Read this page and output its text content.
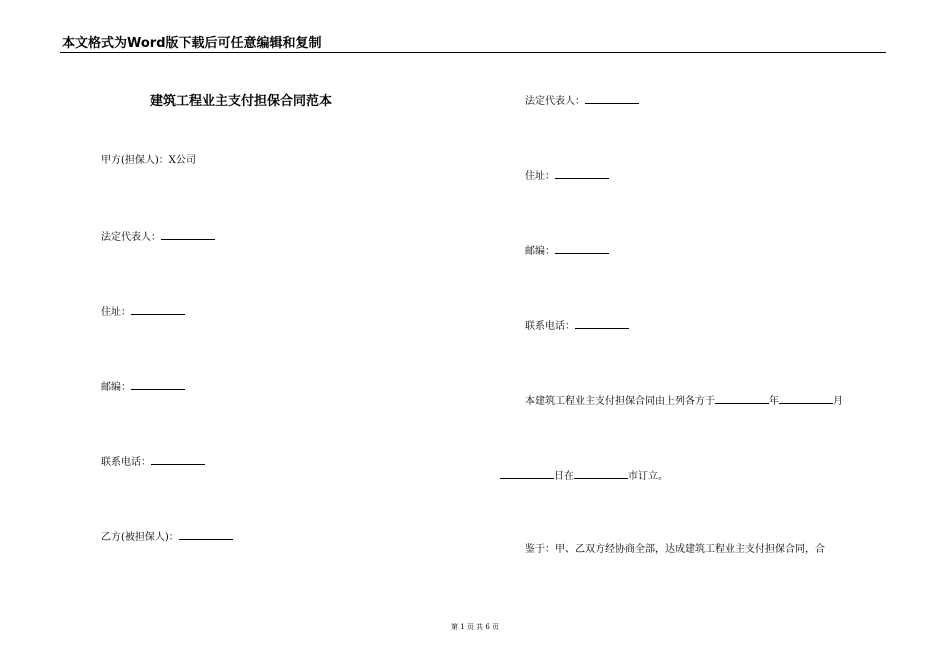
本文格式为Word版下载后可任意编辑和复制
建筑工程业主支付担保合同范本
甲方(担保人)：X公司
法定代表人：
住址：
邮编：
联系电话：
乙方(被担保人)：
法定代表人：
住址：
邮编：
联系电话：
本建筑工程业主支付担保合同由上列各方于	年	月
日在	市订立。
鉴于：甲、乙双方经协商全部，达成建筑工程业主支付担保合同，合
第 1 页 共 6 页
